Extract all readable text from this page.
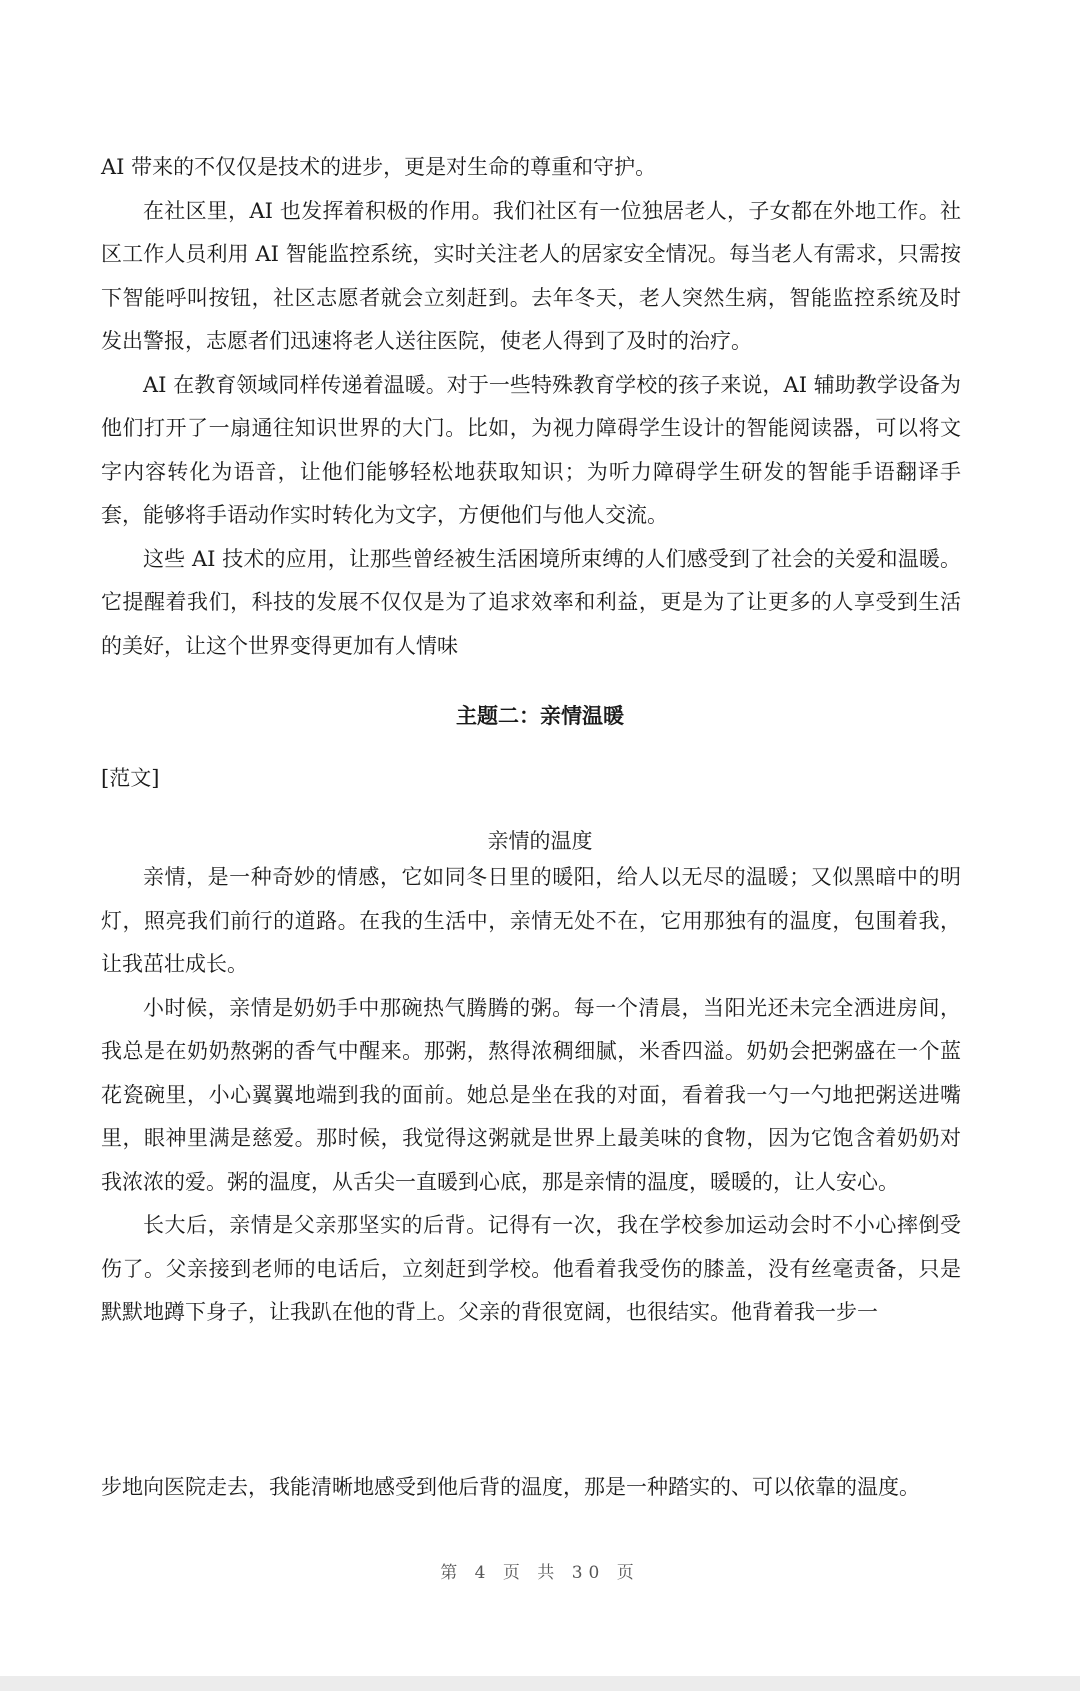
AI 带来的不仅仅是技术的进步，更是对生命的尊重和守护。

在社区里，AI 也发挥着积极的作用。我们社区有一位独居老人，子女都在外地工作。社区工作人员利用 AI 智能监控系统，实时关注老人的居家安全情况。每当老人有需求，只需按下智能呼叫按钮，社区志愿者就会立刻赶到。去年冬天，老人突然生病，智能监控系统及时发出警报，志愿者们迅速将老人送往医院，使老人得到了及时的治疗。

AI 在教育领域同样传递着温暖。对于一些特殊教育学校的孩子来说，AI 辅助教学设备为他们打开了一扇通往知识世界的大门。比如，为视力障碍学生设计的智能阅读器，可以将文字内容转化为语音，让他们能够轻松地获取知识；为听力障碍学生研发的智能手语翻译手套，能够将手语动作实时转化为文字，方便他们与他人交流。

这些 AI 技术的应用，让那些曾经被生活困境所束缚的人们感受到了社会的关爱和温暖。它提醒着我们，科技的发展不仅仅是为了追求效率和利益，更是为了让更多的人享受到生活的美好，让这个世界变得更加有人情味

主题二：亲情温暖
[范文]
亲情的温度

亲情，是一种奇妙的情感，它如同冬日里的暖阳，给人以无尽的温暖；又似黑暗中的明灯，照亮我们前行的道路。在我的生活中，亲情无处不在，它用那独有的温度，包围着我，让我茁壮成长。

小时候，亲情是奶奶手中那碗热气腾腾的粥。每一个清晨，当阳光还未完全洒进房间，我总是在奶奶熬粥的香气中醒来。那粥，熬得浓稠细腻，米香四溢。奶奶会把粥盛在一个蓝花瓷碗里，小心翼翼地端到我的面前。她总是坐在我的对面，看着我一勺一勺地把粥送进嘴里，眼神里满是慈爱。那时候，我觉得这粥就是世界上最美味的食物，因为它饱含着奶奶对我浓浓的爱。粥的温度，从舌尖一直暖到心底，那是亲情的温度，暖暖的，让人安心。

长大后，亲情是父亲那坚实的后背。记得有一次，我在学校参加运动会时不小心摔倒受伤了。父亲接到老师的电话后，立刻赶到学校。他看着我受伤的膝盖，没有丝毫责备，只是默默地蹲下身子，让我趴在他的背上。父亲的背很宽阔，也很结实。他背着我一步一

步地向医院走去，我能清晰地感受到他后背的温度，那是一种踏实的、可以依靠的温度。

第 4 页 共 30 页
